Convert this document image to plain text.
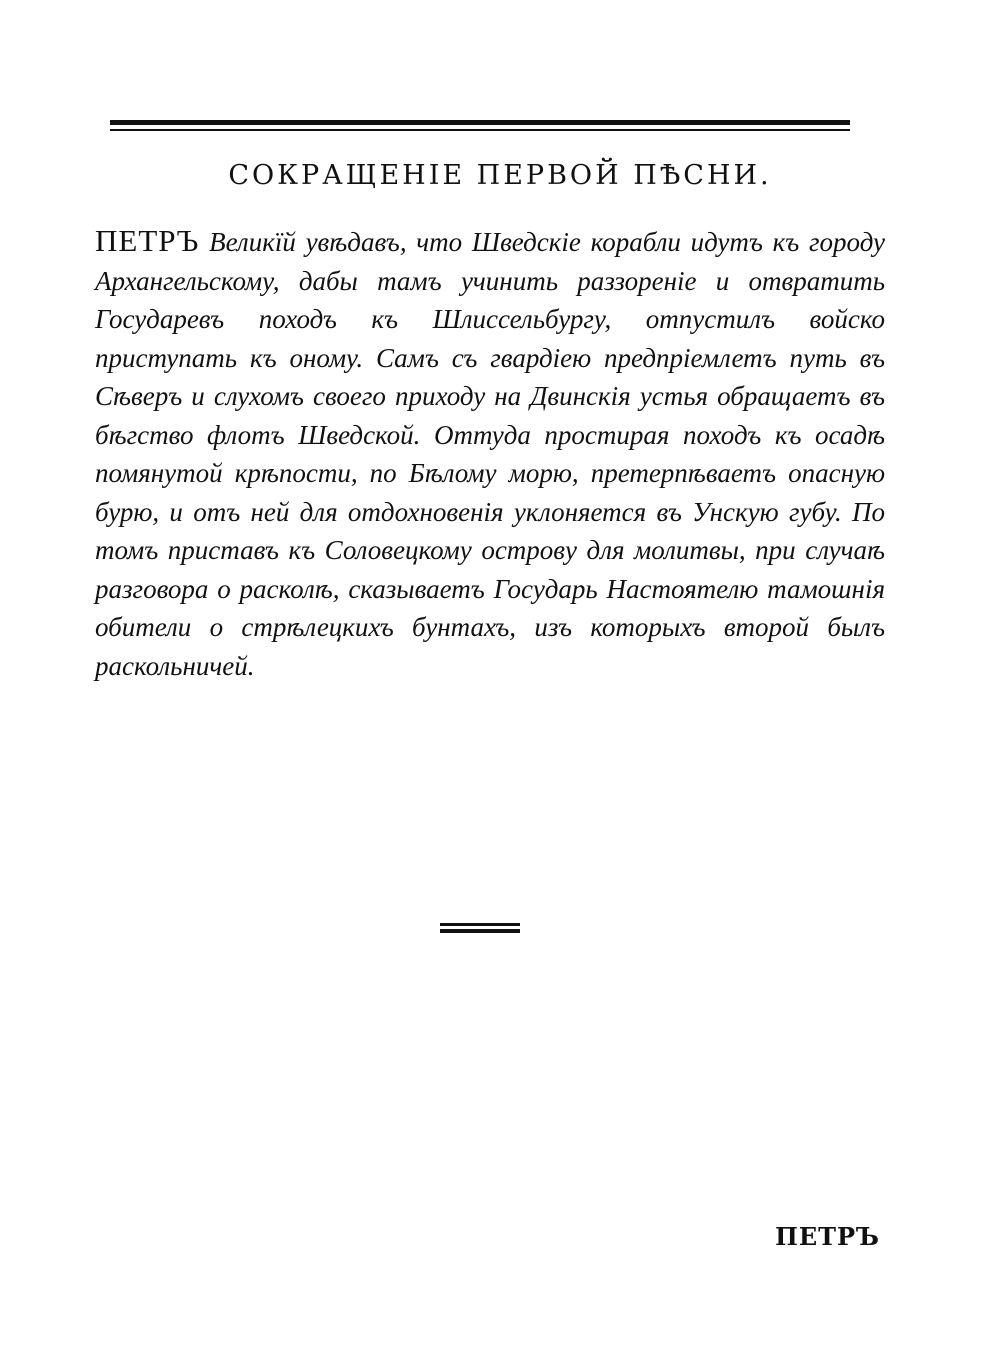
СОКРАЩЕНІЕ ПЕРВОЙ ПѢСНИ.

ПЕТРЪ Великїй увѣдавъ, что Шведскіе корабли идутъ къ городу Архангельскому, дабы тамъ учинить раззореніе и отвратить Государевъ походъ къ Шлиссельбургу, отпустилъ войско приступать къ оному. Самъ съ гвардіею предпріемлетъ путь въ Сѣверъ и слухомъ своего приходу на Двинскія устья обращаетъ въ бѣгство флотъ Шведской. Оттуда простирая походъ къ осадѣ помянутой крѣпости, по Бѣлому морю, претерпѣваетъ опасную бурю, и отъ ней для отдохновенія уклоняется въ Унскую губу. По томъ приставъ къ Соловецкому острову для молитвы, при случаѣ разговора о расколѣ, сказываетъ Государь Настоятелю тамошнія обители о стрѣлецкихъ бунтахъ, изъ которыхъ второй былъ раскольничей.

ПЕТРЪ
